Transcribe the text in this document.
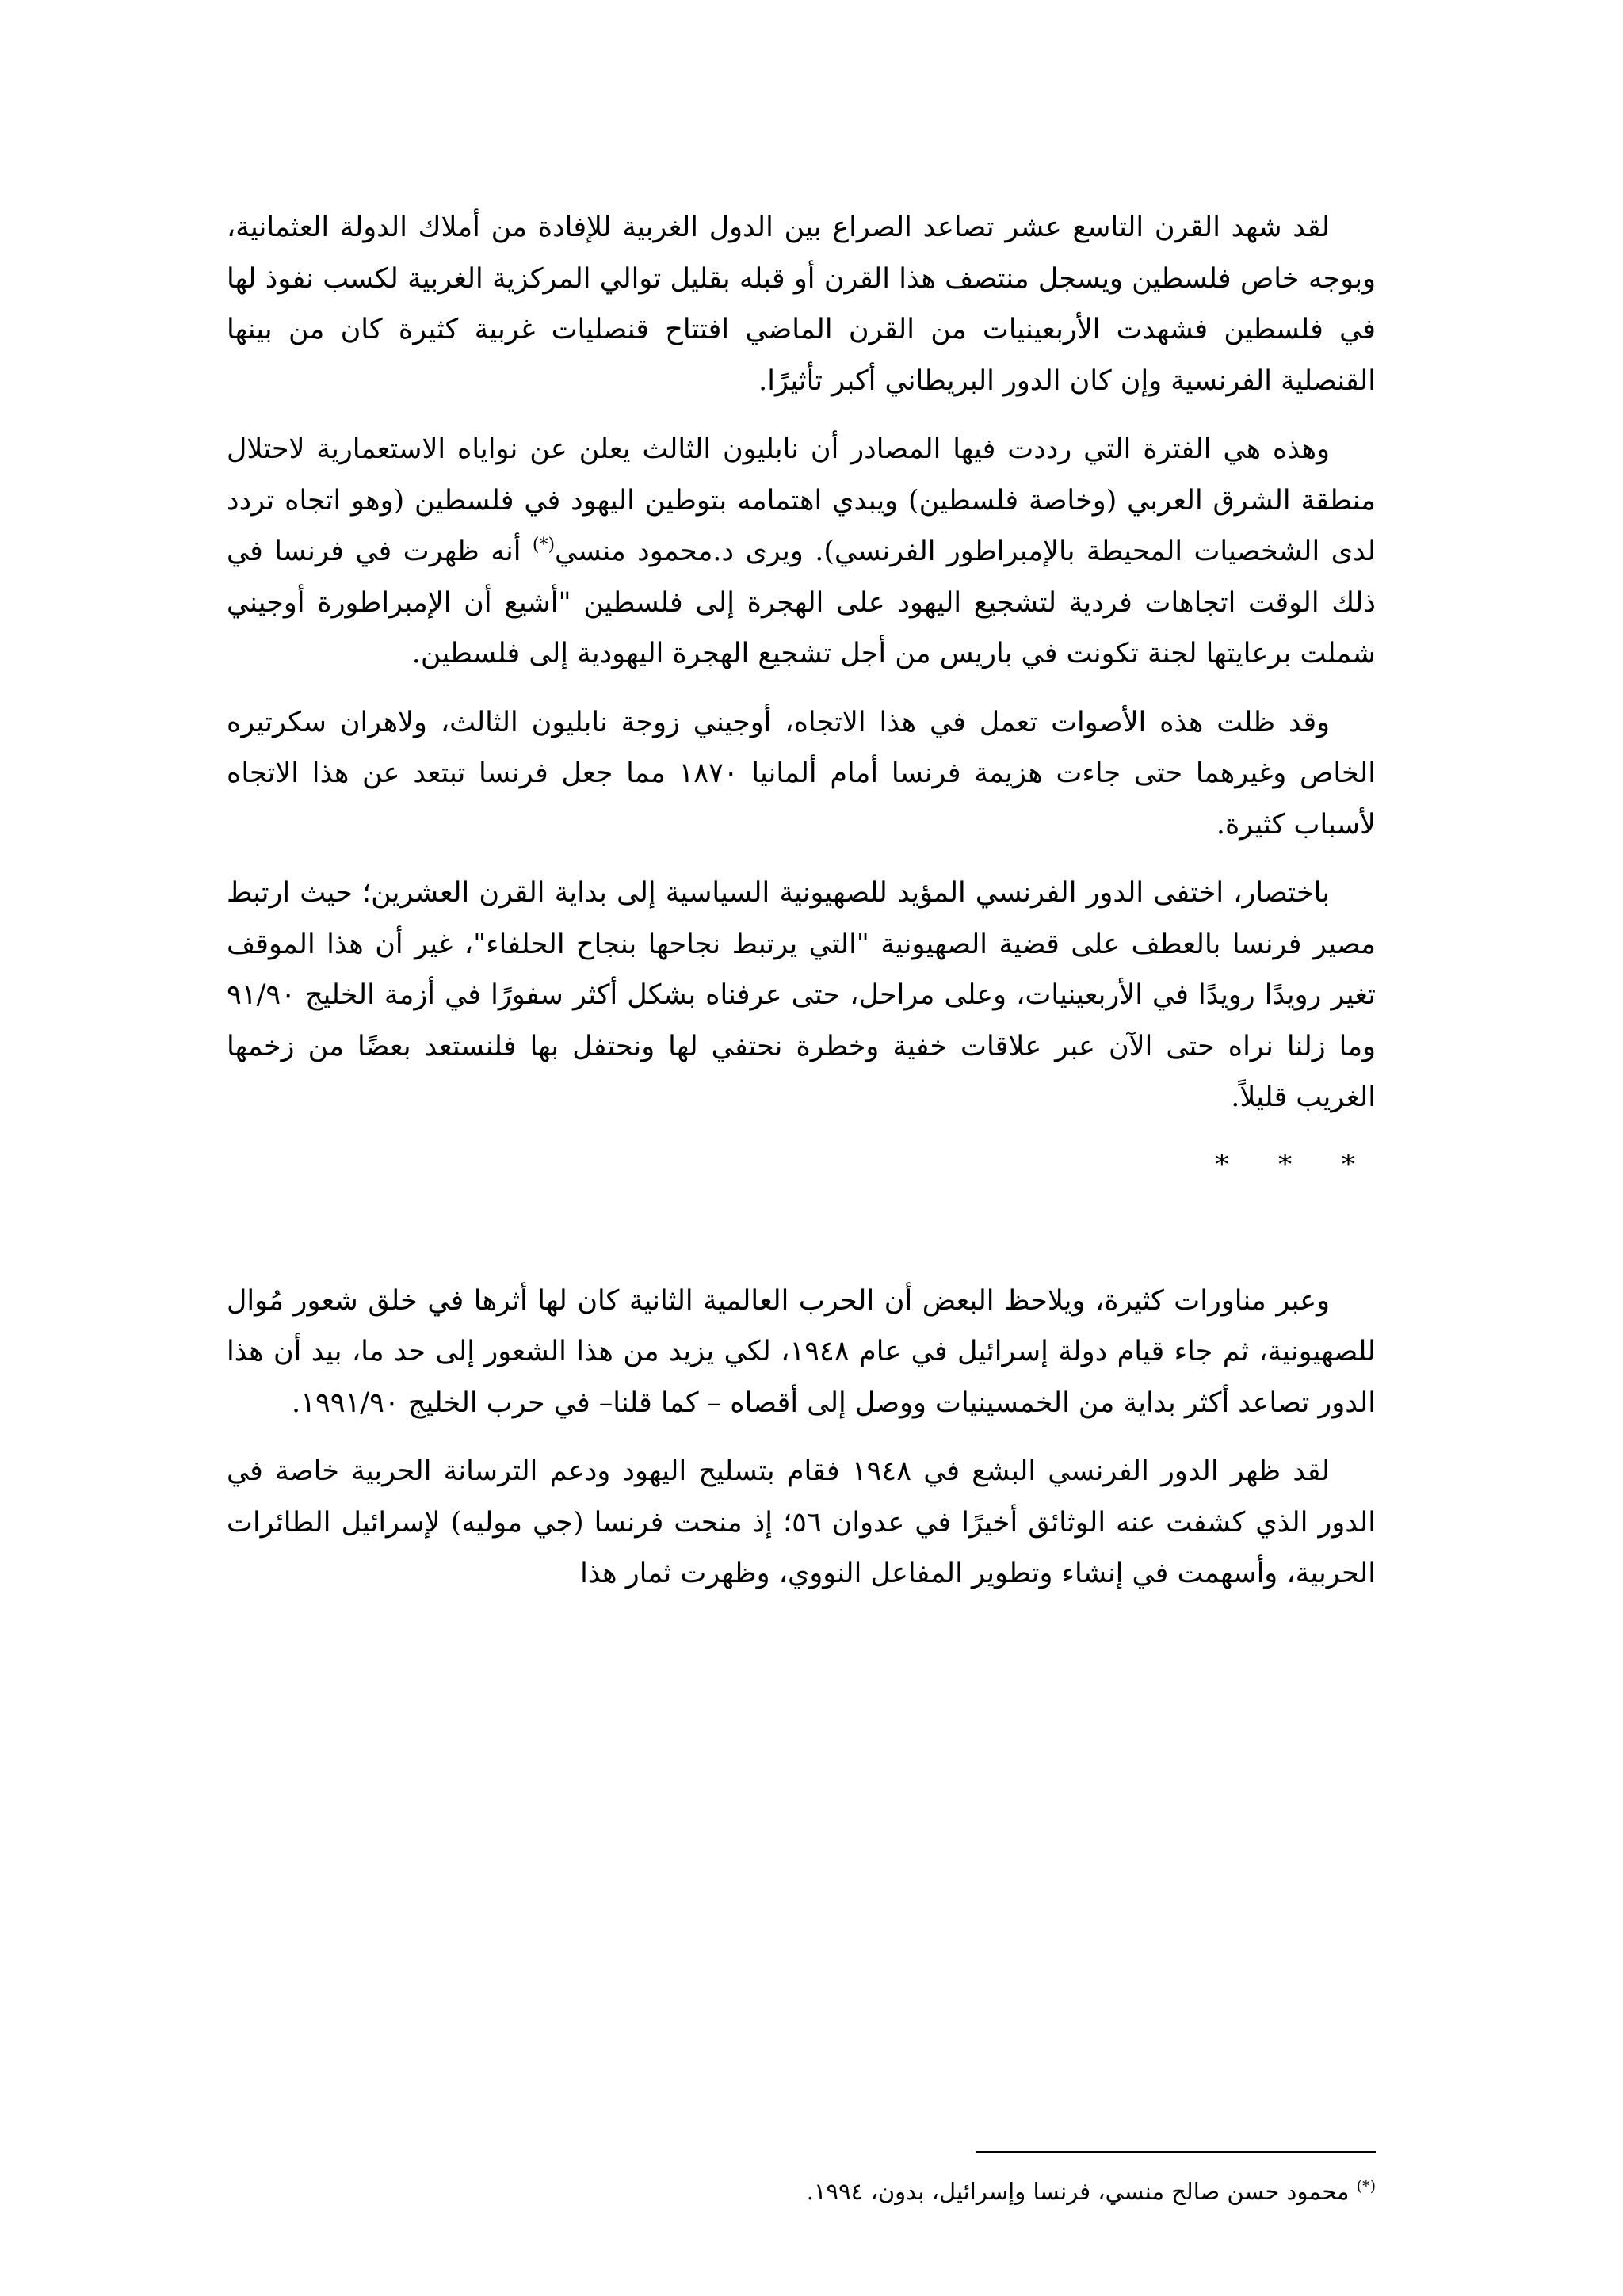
لقد شهد القرن التاسع عشر تصاعد الصراع بين الدول الغربية للإفادة من أملاك الدولة العثمانية، وبوجه خاص فلسطين ويسجل منتصف هذا القرن أو قبله بقليل توالي المركزية الغربية لكسب نفوذ لها في فلسطين فشهدت الأربعينيات من القرن الماضي افتتاح قنصليات غربية كثيرة كان من بينها القنصلية الفرنسية وإن كان الدور البريطاني أكبر تأثيرًا.

وهذه هي الفترة التي رددت فيها المصادر أن نابليون الثالث يعلن عن نواياه الاستعمارية لاحتلال منطقة الشرق العربي (وخاصة فلسطين) ويبدي اهتمامه بتوطين اليهود في فلسطين (وهو اتجاه تردد لدى الشخصيات المحيطة بالإمبراطور الفرنسي). ويرى د.محمود منسي(*) أنه ظهرت في فرنسا في ذلك الوقت اتجاهات فردية لتشجيع اليهود على الهجرة إلى فلسطين "أشيع أن الإمبراطورة أوجيني شملت برعايتها لجنة تكونت في باريس من أجل تشجيع الهجرة اليهودية إلى فلسطين.

وقد ظلت هذه الأصوات تعمل في هذا الاتجاه، أوجيني زوجة نابليون الثالث، ولاهران سكرتيره الخاص وغيرهما حتى جاءت هزيمة فرنسا أمام ألمانيا ١٨٧٠ مما جعل فرنسا تبتعد عن هذا الاتجاه لأسباب كثيرة.

باختصار، اختفى الدور الفرنسي المؤيد للصهيونية السياسية إلى بداية القرن العشرين؛ حيث ارتبط مصير فرنسا بالعطف على قضية الصهيونية "التي يرتبط نجاحها بنجاح الحلفاء"، غير أن هذا الموقف تغير رويدًا رويدًا في الأربعينيات، وعلى مراحل، حتى عرفناه بشكل أكثر سفورًا في أزمة الخليج ٩١/٩٠ وما زلنا نراه حتى الآن عبر علاقات خفية وخطرة نحتفي لها ونحتفل بها فلنستعد بعضًا من زخمها الغريب قليلاً.

* * *

وعبر مناورات كثيرة، ويلاحظ البعض أن الحرب العالمية الثانية كان لها أثرها في خلق شعور مُوال للصهيونية، ثم جاء قيام دولة إسرائيل في عام ١٩٤٨، لكي يزيد من هذا الشعور إلى حد ما، بيد أن هذا الدور تصاعد أكثر بداية من الخمسينيات ووصل إلى أقصاه – كما قلنا– في حرب الخليج ١٩٩١/٩٠.

لقد ظهر الدور الفرنسي البشع في ١٩٤٨ فقام بتسليح اليهود ودعم الترسانة الحربية خاصة في الدور الذي كشفت عنه الوثائق أخيرًا في عدوان ٥٦؛ إذ منحت فرنسا (جي موليه) لإسرائيل الطائرات الحربية، وأسهمت في إنشاء وتطوير المفاعل النووي، وظهرت ثمار هذا

(*) محمود حسن صالح منسي، فرنسا وإسرائيل، بدون، ١٩٩٤.
